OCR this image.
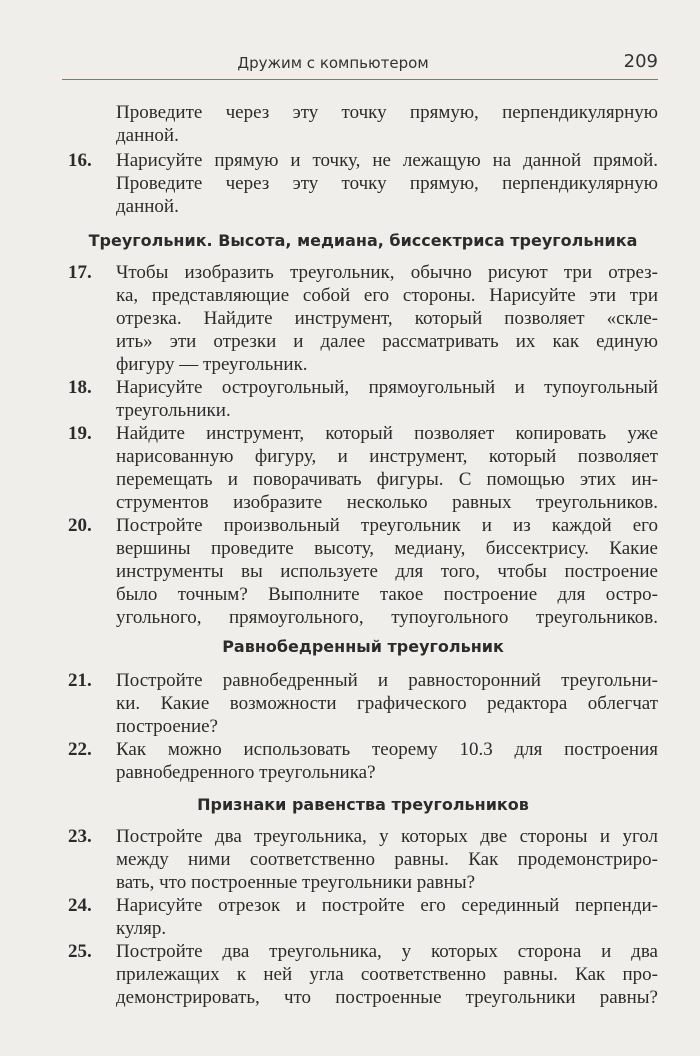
Дружим с компьютером	209
Проведите через эту точку прямую, перпендикулярную
данной.
16. Нарисуйте прямую и точку, не лежащую на данной прямой.
Проведите через эту точку прямую, перпендикулярную
данной.
Треугольник. Высота, медиана, биссектриса треугольника
17. Чтобы изобразить треугольник, обычно рисуют три отрез-
ка, представляющие собой его стороны. Нарисуйте эти три
отрезка. Найдите инструмент, который позволяет «скле-
ить» эти отрезки и далее рассматривать их как единую
фигуру — треугольник.
18. Нарисуйте остроугольный, прямоугольный и тупоугольный
треугольники.
19. Найдите инструмент, который позволяет копировать уже
нарисованную фигуру, и инструмент, который позволяет
перемещать и поворачивать фигуры. С помощью этих ин-
струментов изобразите несколько равных треугольников.
20. Постройте произвольный треугольник и из каждой его
вершины проведите высоту, медиану, биссектрису. Какие
инструменты вы используете для того, чтобы построение
было точным? Выполните такое построение для остро-
угольного, прямоугольного, тупоугольного треугольников.
Равнобедренный треугольник
21. Постройте равнобедренный и равносторонний треугольни-
ки. Какие возможности графического редактора облегчат
построение?
22. Как можно использовать теорему 10.3 для построения
равнобедренного треугольника?
Признаки равенства треугольников
23. Постройте два треугольника, у которых две стороны и угол
между ними соответственно равны. Как продемонстриро-
вать, что построенные треугольники равны?
24. Нарисуйте отрезок и постройте его серединный перпенди-
куляр.
25. Постройте два треугольника, у которых сторона и два
прилежащих к ней угла соответственно равны. Как про-
демонстрировать, что построенные треугольники равны?
